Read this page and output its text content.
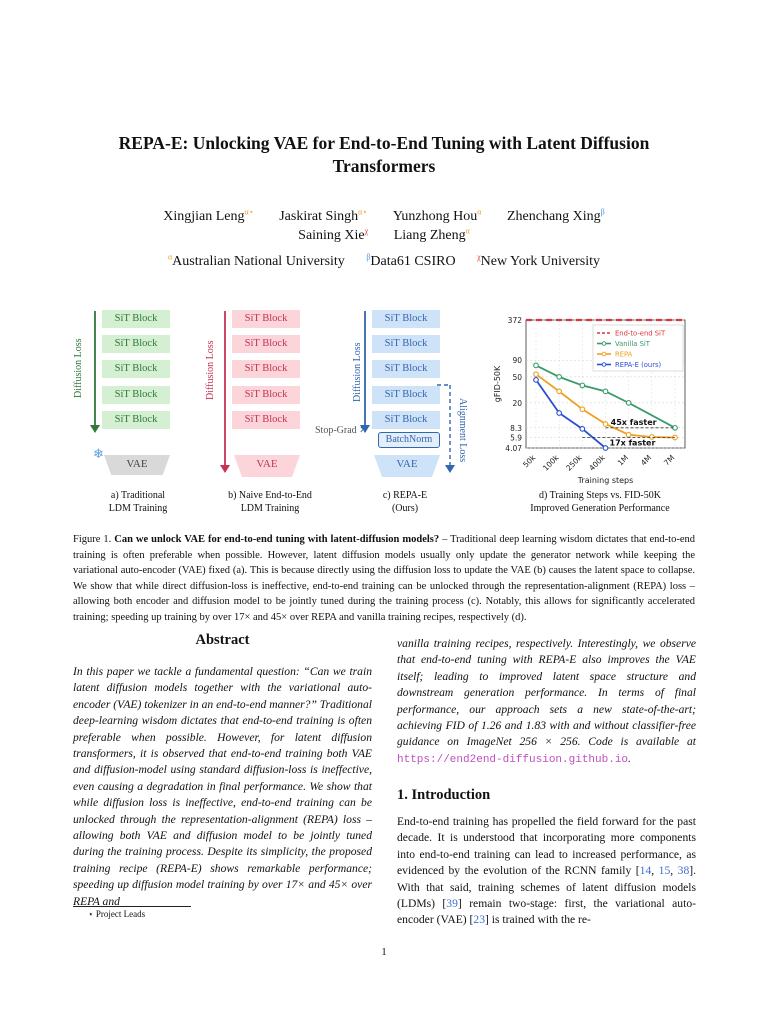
REPA-E: Unlocking VAE for End-to-End Tuning with Latent Diffusion Transformers
Xingjian Leng$^{\alpha⋆}$ Jaskirat Singh$^{\alpha⋆}$ Yunzhong Hou$^\alpha$ Zhenchang Xing$^\beta$
Saining Xie$^\chi$ Liang Zheng$^\alpha$
$^\alpha$Australian National University	$^\beta$Data61 CSIRO	$^\chi$New York University
Diffusion Loss
SiT Block
SiT Block
SiT Block
SiT Block
SiT Block
❄
VAE
a) Traditional
LDM Training
Diffusion Loss
SiT Block
SiT Block
SiT Block
SiT Block
SiT Block
VAE
b) Naive End-to-End
LDM Training
Diffusion Loss
Alignment Loss
SiT Block
SiT Block
SiT Block
SiT Block
SiT Block
Stop-Grad ✕
BatchNorm
VAE
c) REPA-E
(Ours)
372
90
50
20
8.3
5.9
4.07
50k 100k 250k 400k 1M 4M 7M
Training steps
gFID-50K
End-to-end SiT
Vanilla SiT
REPA
REPA-E (ours)
45x faster
17x faster
d) Training Steps vs. FID-50K
Improved Generation Performance
Figure 1. Can we unlock VAE for end-to-end tuning with latent-diffusion models? – Traditional deep learning wisdom dictates that end-to-end training is often preferable when possible. However, latent diffusion models usually only update the generator network while keeping the variational auto-encoder (VAE) fixed (a). This is because directly using the diffusion loss to update the VAE (b) causes the latent space to collapse. We show that while direct diffusion-loss is ineffective, end-to-end training can be unlocked through the representation-alignment (REPA) loss – allowing both encoder and diffusion model to be jointly tuned during the training process (c). Notably, this allows for significantly accelerated training; speeding up training by over 17× and 45× over REPA and vanilla training recipes, respectively (d).
Abstract
In this paper we tackle a fundamental question: “Can we train latent diffusion models together with the variational auto-encoder (VAE) tokenizer in an end-to-end manner?” Traditional deep-learning wisdom dictates that end-to-end training is often preferable when possible. However, for latent diffusion transformers, it is observed that end-to-end training both VAE and diffusion-model using standard diffusion-loss is ineffective, even causing a degradation in final performance. We show that while diffusion loss is ineffective, end-to-end training can be unlocked through the representation-alignment (REPA) loss – allowing both VAE and diffusion model to be jointly tuned during the training process. Despite its simplicity, the proposed training recipe (REPA-E) shows remarkable performance; speeding up diffusion model training by over 17× and 45× over REPA and
⋆ Project Leads
vanilla training recipes, respectively. Interestingly, we observe that end-to-end tuning with REPA-E also improves the VAE itself; leading to improved latent space structure and downstream generation performance. In terms of final performance, our approach sets a new state-of-the-art; achieving FID of 1.26 and 1.83 with and without classifier-free guidance on ImageNet 256 × 256. Code is available at https://end2end-diffusion.github.io.
1. Introduction
End-to-end training has propelled the field forward for the past decade. It is understood that incorporating more components into end-to-end training can lead to increased performance, as evidenced by the evolution of the RCNN family [14, 15, 38]. With that said, training schemes of latent diffusion models (LDMs) [39] remain two-stage: first, the variational auto-encoder (VAE) [23] is trained with the re-
1
